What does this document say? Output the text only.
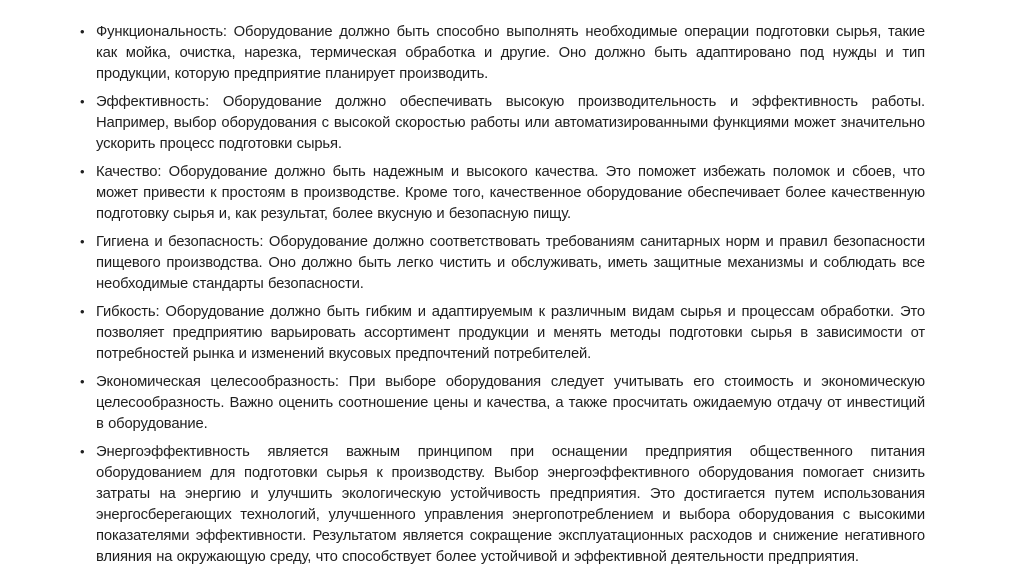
• Функциональность: Оборудование должно быть способно выполнять необходимые операции подготовки сырья, такие как мойка, очистка, нарезка, термическая обработка и другие. Оно должно быть адаптировано под нужды и тип продукции, которую предприятие планирует производить.
• Эффективность: Оборудование должно обеспечивать высокую производительность и эффективность работы. Например, выбор оборудования с высокой скоростью работы или автоматизированными функциями может значительно ускорить процесс подготовки сырья.
• Качество: Оборудование должно быть надежным и высокого качества. Это поможет избежать поломок и сбоев, что может привести к простоям в производстве. Кроме того, качественное оборудование обеспечивает более качественную подготовку сырья и, как результат, более вкусную и безопасную пищу.
• Гигиена и безопасность: Оборудование должно соответствовать требованиям санитарных норм и правил безопасности пищевого производства. Оно должно быть легко чистить и обслуживать, иметь защитные механизмы и соблюдать все необходимые стандарты безопасности.
• Гибкость: Оборудование должно быть гибким и адаптируемым к различным видам сырья и процессам обработки. Это позволяет предприятию варьировать ассортимент продукции и менять методы подготовки сырья в зависимости от потребностей рынка и изменений вкусовых предпочтений потребителей.
• Экономическая целесообразность: При выборе оборудования следует учитывать его стоимость и экономическую целесообразность. Важно оценить соотношение цены и качества, а также просчитать ожидаемую отдачу от инвестиций в оборудование.
• Энергоэффективность является важным принципом при оснащении предприятия общественного питания оборудованием для подготовки сырья к производству. Выбор энергоэффективного оборудования помогает снизить затраты на энергию и улучшить экологическую устойчивость предприятия. Это достигается путем использования энергосберегающих технологий, улучшенного управления энергопотреблением и выбора оборудования с высокими показателями эффективности. Результатом является сокращение эксплуатационных расходов и снижение негативного влияния на окружающую среду, что способствует более устойчивой и эффективной деятельности предприятия.
